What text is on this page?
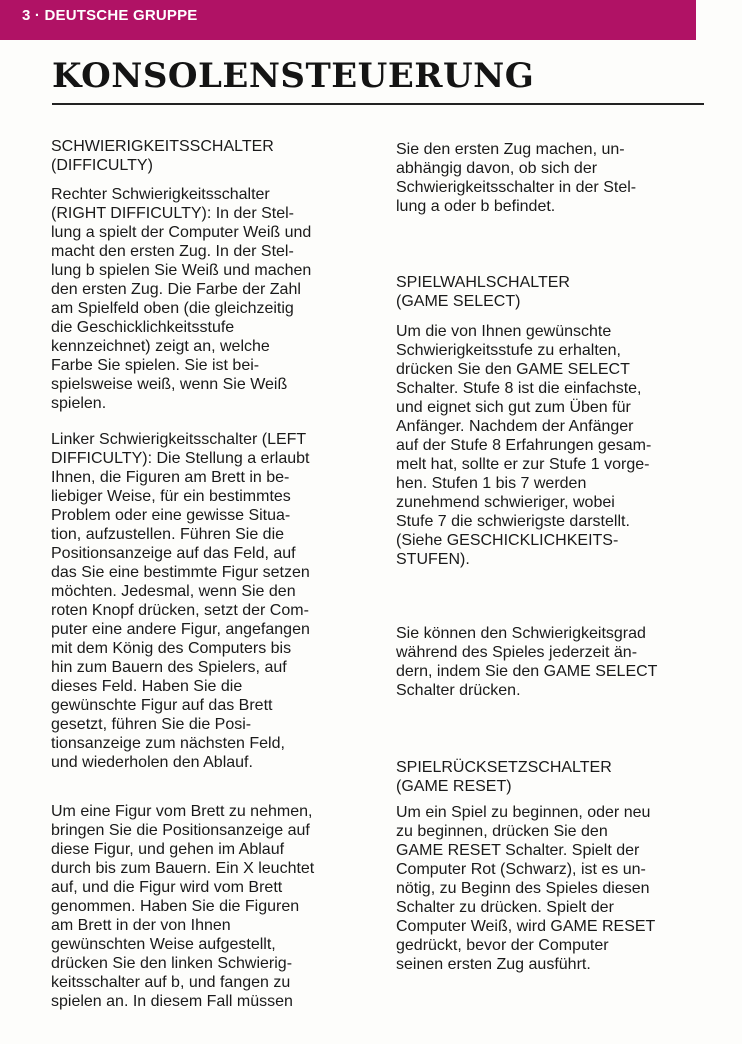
3 · DEUTSCHE GRUPPE
KONSOLENSTEUERUNG
SCHWIERIGKEITSSCHALTER
(DIFFICULTY)
Rechter Schwierigkeitsschalter
(RIGHT DIFFICULTY): In der Stel-
lung a spielt der Computer Weiß und
macht den ersten Zug. In der Stel-
lung b spielen Sie Weiß und machen
den ersten Zug. Die Farbe der Zahl
am Spielfeld oben (die gleichzeitig
die Geschicklichkeitsstufe
kennzeichnet) zeigt an, welche
Farbe Sie spielen. Sie ist bei-
spielsweise weiß, wenn Sie Weiß
spielen.
Linker Schwierigkeitsschalter (LEFT
DIFFICULTY): Die Stellung a erlaubt
Ihnen, die Figuren am Brett in be-
liebiger Weise, für ein bestimmtes
Problem oder eine gewisse Situa-
tion, aufzustellen. Führen Sie die
Positionsanzeige auf das Feld, auf
das Sie eine bestimmte Figur setzen
möchten. Jedesmal, wenn Sie den
roten Knopf drücken, setzt der Com-
puter eine andere Figur, angefangen
mit dem König des Computers bis
hin zum Bauern des Spielers, auf
dieses Feld. Haben Sie die
gewünschte Figur auf das Brett
gesetzt, führen Sie die Posi-
tionsanzeige zum nächsten Feld,
und wiederholen den Ablauf.
Um eine Figur vom Brett zu nehmen,
bringen Sie die Positionsanzeige auf
diese Figur, und gehen im Ablauf
durch bis zum Bauern. Ein X leuchtet
auf, und die Figur wird vom Brett
genommen. Haben Sie die Figuren
am Brett in der von Ihnen
gewünschten Weise aufgestellt,
drücken Sie den linken Schwierig-
keitsschalter auf b, und fangen zu
spielen an. In diesem Fall müssen
Sie den ersten Zug machen, un-
abhängig davon, ob sich der
Schwierigkeitsschalter in der Stel-
lung a oder b befindet.
SPIELWAHLSCHALTER
(GAME SELECT)
Um die von Ihnen gewünschte
Schwierigkeitsstufe zu erhalten,
drücken Sie den GAME SELECT
Schalter. Stufe 8 ist die einfachste,
und eignet sich gut zum Üben für
Anfänger. Nachdem der Anfänger
auf der Stufe 8 Erfahrungen gesam-
melt hat, sollte er zur Stufe 1 vorge-
hen. Stufen 1 bis 7 werden
zunehmend schwieriger, wobei
Stufe 7 die schwierigste darstellt.
(Siehe GESCHICKLICHKEITS-
STUFEN).
Sie können den Schwierigkeitsgrad
während des Spieles jederzeit än-
dern, indem Sie den GAME SELECT
Schalter drücken.
SPIELRÜCKSETZSCHALTER
(GAME RESET)
Um ein Spiel zu beginnen, oder neu
zu beginnen, drücken Sie den
GAME RESET Schalter. Spielt der
Computer Rot (Schwarz), ist es un-
nötig, zu Beginn des Spieles diesen
Schalter zu drücken. Spielt der
Computer Weiß, wird GAME RESET
gedrückt, bevor der Computer
seinen ersten Zug ausführt.
